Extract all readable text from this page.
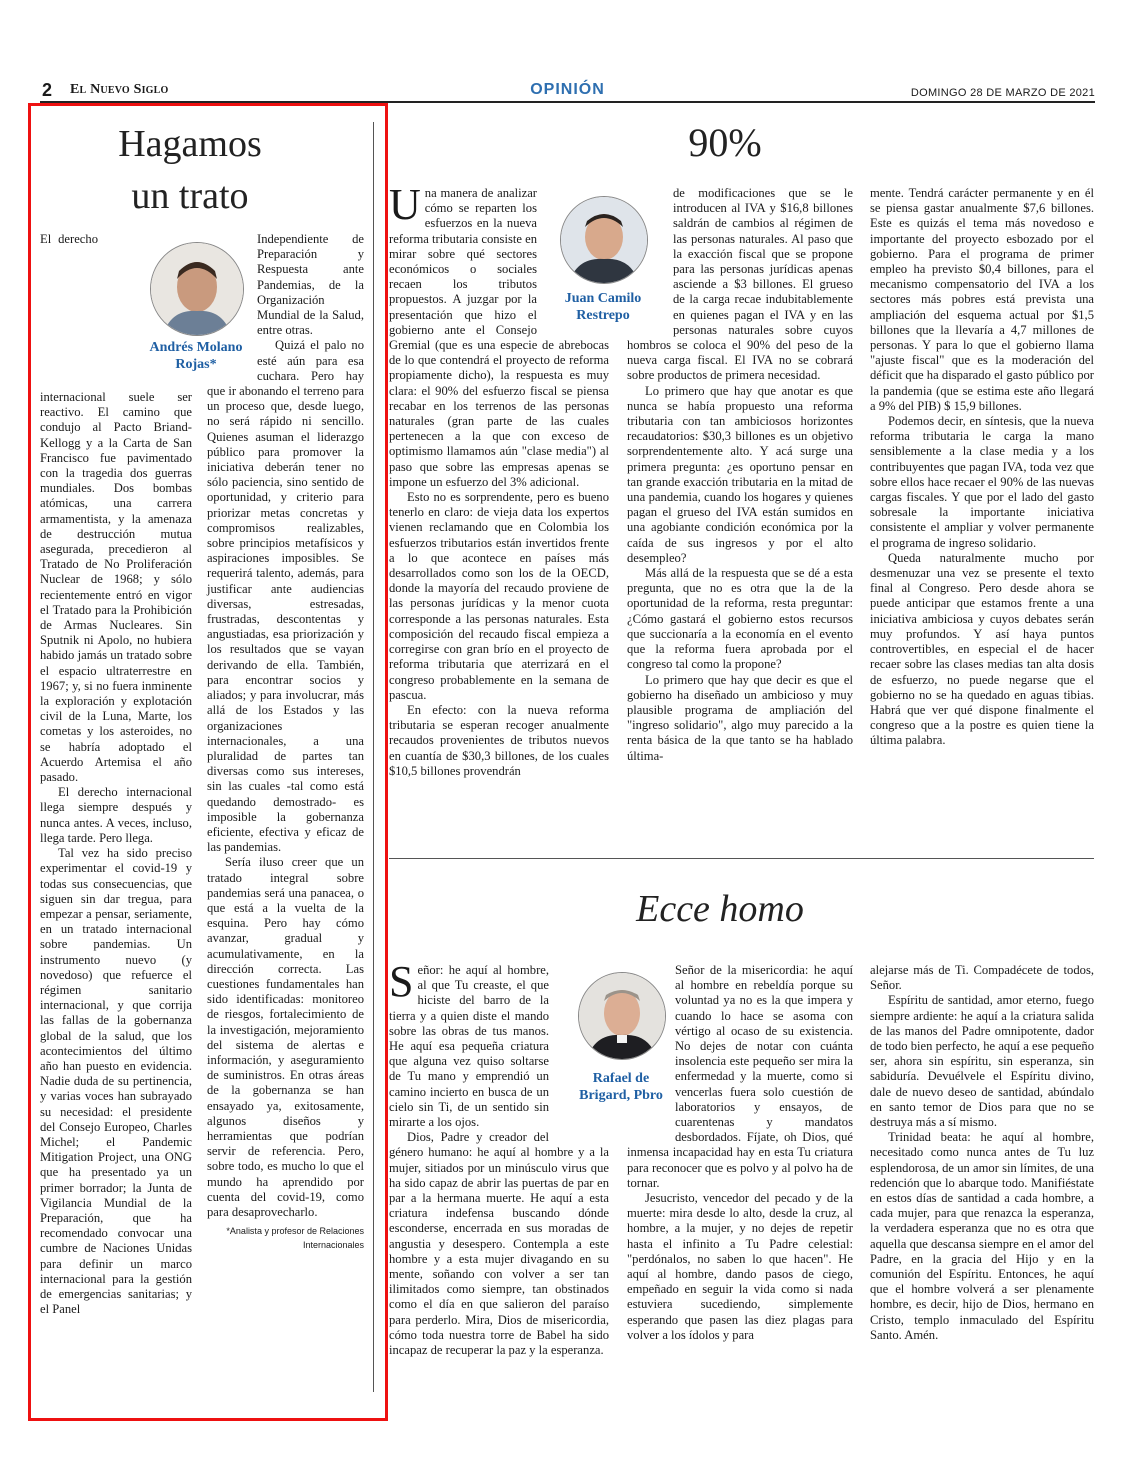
2 El Nuevo Siglo	OPINIÓN	DOMINGO 28 DE MARZO DE 2021
Hagamos
un trato
Andrés Molano
Rojas*

El derecho internacional suele ser reactivo. El camino que condujo al Pacto Briand-Kellogg y a la Carta de San Francisco fue pavimentado con la tragedia dos guerras mundiales. Dos bombas atómicas, una carrera armamentista, y la amenaza de destrucción mutua asegurada, precedieron al Tratado de No Proliferación Nuclear de 1968; y sólo recientemente entró en vigor el Tratado para la Prohibición de Armas Nucleares. Sin Sputnik ni Apolo, no hubiera habido jamás un tratado sobre el espacio ultraterrestre en 1967; y, si no fuera inminente la exploración y explotación civil de la Luna, Marte, los cometas y los asteroides, no se habría adoptado el Acuerdo Artemisa el año pasado.

El derecho internacional llega siempre después y nunca antes. A veces, incluso, llega tarde. Pero llega.

Tal vez ha sido preciso experimentar el covid-19 y todas sus consecuencias, que siguen sin dar tregua, para empezar a pensar, seriamente, en un tratado internacional sobre pandemias. Un instrumento nuevo (y novedoso) que refuerce el régimen sanitario internacional, y que corrija las fallas de la gobernanza global de la salud, que los acontecimientos del último año han puesto en evidencia. Nadie duda de su pertinencia, y varias voces han subrayado su necesidad: el presidente del Consejo Europeo, Charles Michel; el Pandemic Mitigation Project, una ONG que ha presentado ya un primer borrador; la Junta de Vigilancia Mundial de la Preparación, que ha recomendado convocar una cumbre de Naciones Unidas para definir un marco internacional para la gestión de emergencias sanitarias; y el Panel

Independiente de Preparación y Respuesta ante Pandemias, de la Organización Mundial de la Salud, entre otras.

Quizá el palo no esté aún para esa cuchara. Pero hay que ir abonando el terreno para un proceso que, desde luego, no será rápido ni sencillo. Quienes asuman el liderazgo público para promover la iniciativa deberán tener no sólo paciencia, sino sentido de oportunidad, y criterio para priorizar metas concretas y compromisos realizables, sobre principios metafísicos y aspiraciones imposibles. Se requerirá talento, además, para justificar ante audiencias diversas, estresadas, frustradas, descontentas y angustiadas, esa priorización y los resultados que se vayan derivando de ella. También, para encontrar socios y aliados; y para involucrar, más allá de los Estados y las organizaciones internacionales, a una pluralidad de partes tan diversas como sus intereses, sin las cuales -tal como está quedando demostrado- es imposible la gobernanza eficiente, efectiva y eficaz de las pandemias.

Sería iluso creer que un tratado integral sobre pandemias será una panacea, o que está a la vuelta de la esquina. Pero hay cómo avanzar, gradual y acumulativamente, en la dirección correcta. Las cuestiones fundamentales han sido identificadas: monitoreo de riesgos, fortalecimiento de la investigación, mejoramiento del sistema de alertas e información, y aseguramiento de suministros. En otras áreas de la gobernanza se han ensayado ya, exitosamente, algunos diseños y herramientas que podrían servir de referencia. Pero, sobre todo, es mucho lo que el mundo ha aprendido por cuenta del covid-19, como para desaprovecharlo.

*Analista y profesor de Relaciones Internacionales
90%
Juan Camilo
Restrepo

Una manera de analizar cómo se reparten los esfuerzos en la nueva reforma tributaria consiste en mirar sobre qué sectores económicos o sociales recaen los tributos propuestos. A juzgar por la presentación que hizo el gobierno ante el Consejo Gremial (que es una especie de abrebocas de lo que contendrá el proyecto de reforma propiamente dicho), la respuesta es muy clara: el 90% del esfuerzo fiscal se piensa recabar en los terrenos de las personas naturales (gran parte de las cuales pertenecen a la que con exceso de optimismo llamamos aún "clase media") al paso que sobre las empresas apenas se impone un esfuerzo del 3% adicional.

Esto no es sorprendente, pero es bueno tenerlo en claro: de vieja data los expertos vienen reclamando que en Colombia los esfuerzos tributarios están invertidos frente a lo que acontece en países más desarrollados como son los de la OECD, donde la mayoría del recaudo proviene de las personas jurídicas y la menor cuota corresponde a las personas naturales. Esta composición del recaudo fiscal empieza a corregirse con gran brío en el proyecto de reforma tributaria que aterrizará en el congreso probablemente en la semana de pascua.

En efecto: con la nueva reforma tributaria se esperan recoger anualmente recaudos provenientes de tributos nuevos en cuantía de $30,3 billones, de los cuales $10,5 billones provendrán

de modificaciones que se le introducen al IVA y $16,8 billones saldrán de cambios al régimen de las personas naturales. Al paso que la exacción fiscal que se propone para las personas jurídicas apenas asciende a $3 billones. El grueso de la carga recae indubitablemente en quienes pagan el IVA y en las personas naturales sobre cuyos hombros se coloca el 90% del peso de la nueva carga fiscal. El IVA no se cobrará sobre productos de primera necesidad.

Lo primero que hay que anotar es que nunca se había propuesto una reforma tributaria con tan ambiciosos horizontes recaudatorios: $30,3 billones es un objetivo sorprendentemente alto. Y acá surge una primera pregunta: ¿es oportuno pensar en tan grande exacción tributaria en la mitad de una pandemia, cuando los hogares y quienes pagan el grueso del IVA están sumidos en una agobiante condición económica por la caída de sus ingresos y por el alto desempleo?

Más allá de la respuesta que se dé a esta pregunta, que no es otra que la de la oportunidad de la reforma, resta preguntar: ¿Cómo gastará el gobierno estos recursos que succionaría a la economía en el evento que la reforma fuera aprobada por el congreso tal como la propone?

Lo primero que hay que decir es que el gobierno ha diseñado un ambicioso y muy plausible programa de ampliación del "ingreso solidario", algo muy parecido a la renta básica de la que tanto se ha hablado última-

mente. Tendrá carácter permanente y en él se piensa gastar anualmente $7,6 billones. Este es quizás el tema más novedoso e importante del proyecto esbozado por el gobierno. Para el programa de primer empleo ha previsto $0,4 billones, para el mecanismo compensatorio del IVA a los sectores más pobres está prevista una ampliación del esquema actual por $1,5 billones que la llevaría a 4,7 millones de personas. Y para lo que el gobierno llama "ajuste fiscal" que es la moderación del déficit que ha disparado el gasto público por la pandemia (que se estima este año llegará a 9% del PIB) $ 15,9 billones.

Podemos decir, en síntesis, que la nueva reforma tributaria le carga la mano sensiblemente a la clase media y a los contribuyentes que pagan IVA, toda vez que sobre ellos hace recaer el 90% de las nuevas cargas fiscales. Y que por el lado del gasto sobresale la importante iniciativa consistente el ampliar y volver permanente el programa de ingreso solidario.

Queda naturalmente mucho por desmenuzar una vez se presente el texto final al Congreso. Pero desde ahora se puede anticipar que estamos frente a una iniciativa ambiciosa y cuyos debates serán muy profundos. Y así haya puntos controvertibles, en especial el de hacer recaer sobre las clases medias tan alta dosis de esfuerzo, no puede negarse que el gobierno no se ha quedado en aguas tibias. Habrá que ver qué dispone finalmente el congreso que a la postre es quien tiene la última palabra.

Ecce homo
Rafael de
Brigard, Pbro

Señor: he aquí al hombre, al que Tu creaste, el que hiciste del barro de la tierra y a quien diste el mando sobre las obras de tus manos. He aquí esa pequeña criatura que alguna vez quiso soltarse de Tu mano y emprendió un camino incierto en busca de un cielo sin Ti, de un sentido sin mirarte a los ojos.

Dios, Padre y creador del género humano: he aquí al hombre y a la mujer, sitiados por un minúsculo virus que ha sido capaz de abrir las puertas de par en par a la hermana muerte. He aquí a esta criatura indefensa buscando dónde esconderse, encerrada en sus moradas de angustia y desespero. Contempla a este hombre y a esta mujer divagando en su mente, soñando con volver a ser tan ilimitados como siempre, tan obstinados como el día en que salieron del paraíso para perderlo. Mira, Dios de misericordia, cómo toda nuestra torre de Babel ha sido incapaz de recuperar la paz y la esperanza.

Señor de la misericordia: he aquí al hombre en rebeldía porque su voluntad ya no es la que impera y cuando lo hace se asoma con vértigo al ocaso de su existencia. No dejes de notar con cuánta insolencia este pequeño ser mira la enfermedad y la muerte, como si vencerlas fuera solo cuestión de laboratorios y ensayos, de cuarentenas y mandatos desbordados. Fíjate, oh Dios, qué inmensa incapacidad hay en esta Tu criatura para reconocer que es polvo y al polvo ha de tornar.

Jesucristo, vencedor del pecado y de la muerte: mira desde lo alto, desde la cruz, al hombre, a la mujer, y no dejes de repetir hasta el infinito a Tu Padre celestial: "perdónalos, no saben lo que hacen". He aquí al hombre, dando pasos de ciego, empeñado en seguir la vida como si nada estuviera sucediendo, simplemente esperando que pasen las diez plagas para volver a los ídolos y para

alejarse más de Ti. Compadécete de todos, Señor.

Espíritu de santidad, amor eterno, fuego siempre ardiente: he aquí a la criatura salida de las manos del Padre omnipotente, dador de todo bien perfecto, he aquí a ese pequeño ser, ahora sin espíritu, sin esperanza, sin sabiduría. Devuélvele el Espíritu divino, dale de nuevo deseo de santidad, abúndalo en santo temor de Dios para que no se destruya más a sí mismo.

Trinidad beata: he aquí al hombre, necesitado como nunca antes de Tu luz esplendorosa, de un amor sin límites, de una redención que lo abarque todo. Manifiéstate en estos días de santidad a cada hombre, a cada mujer, para que renazca la esperanza, la verdadera esperanza que no es otra que aquella que descansa siempre en el amor del Padre, en la gracia del Hijo y en la comunión del Espíritu. Entonces, he aquí que el hombre volverá a ser plenamente hombre, es decir, hijo de Dios, hermano en Cristo, templo inmaculado del Espíritu Santo. Amén.
